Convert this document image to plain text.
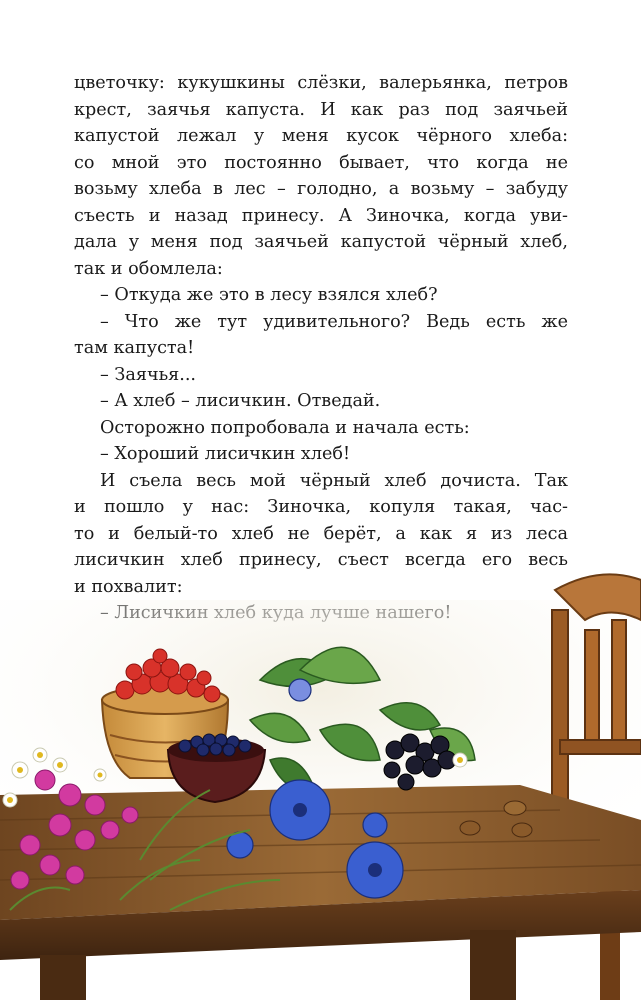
цветочку: кукушкины слёзки, валерьянка, петров
крест, заячья капуста. И как раз под заячьей
капустой лежал у меня кусок чёрного хлеба:
со мной это постоянно бывает, что когда не
возьму хлеба в лес – голодно, а возьму – забуду
съесть и назад принесу. А Зиночка, когда уви-
дала у меня под заячьей капустой чёрный хлеб,
так и обомлела:
– Откуда же это в лесу взялся хлеб?
– Что же тут удивительного? Ведь есть же
там капуста!
– Заячья...
– А хлеб – лисичкин. Отведай.
Осторожно попробовала и начала есть:
– Хороший лисичкин хлеб!
И съела весь мой чёрный хлеб дочиста. Так
и пошло у нас: Зиночка, копуля такая, час-
то и белый-то хлеб не берёт, а как я из леса
лисичкин хлеб принесу, съест всегда его весь
и похвалит:
